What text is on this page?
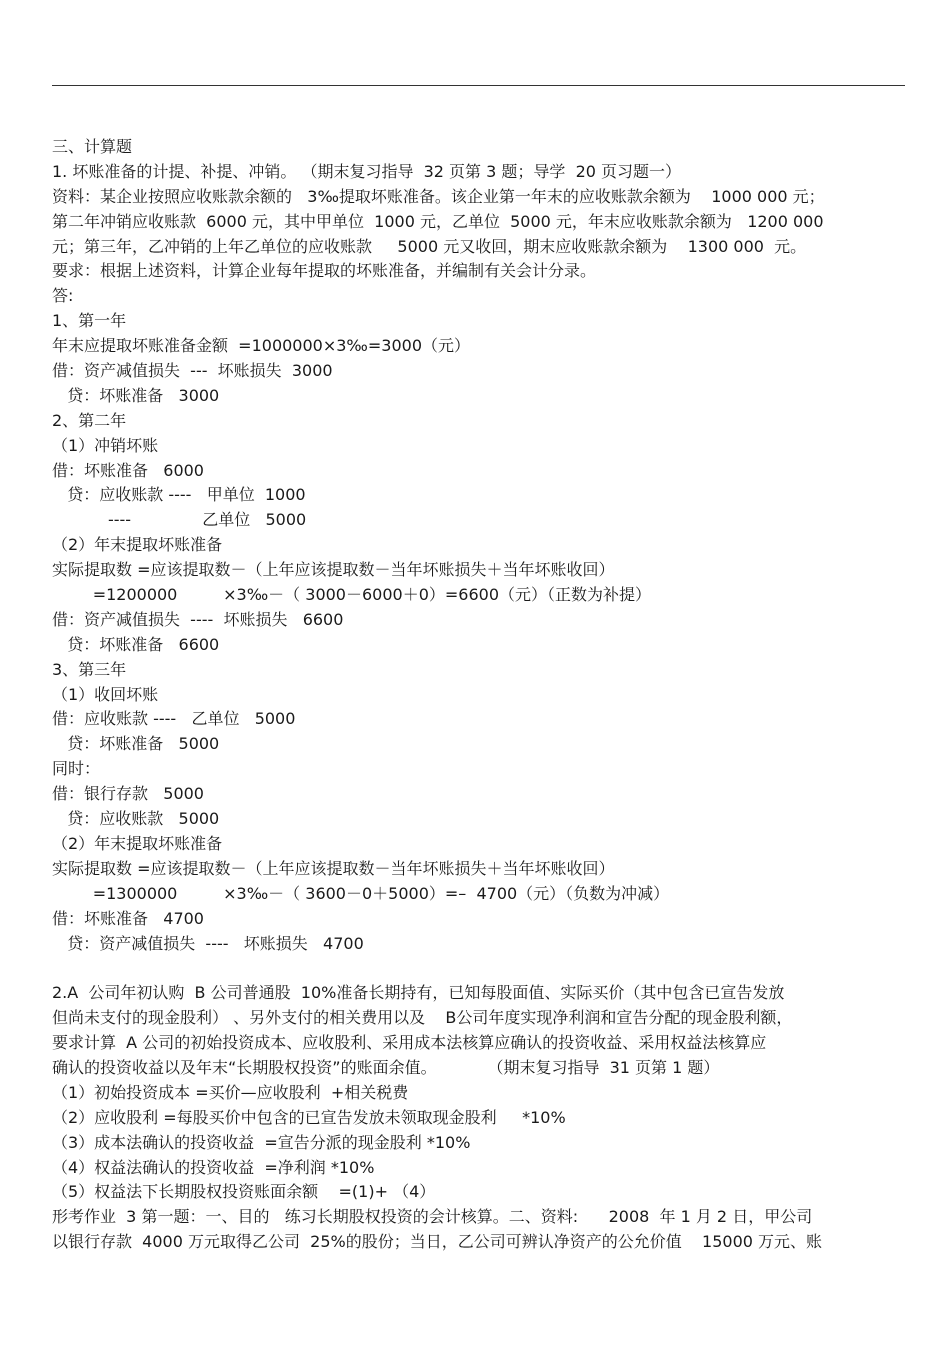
三、计算题
1. 坏账准备的计提、补提、冲销。 （期末复习指导  32 页第 3 题；导学  20 页习题一）
资料：某企业按照应收账款余额的   3‰提取坏账准备。该企业第一年末的应收账款余额为    1000 000 元；
第二年冲销应收账款  6000 元，其中甲单位  1000 元，乙单位  5000 元，年末应收账款余额为   1200 000
元；第三年，乙冲销的上年乙单位的应收账款     5000 元又收回，期末应收账款余额为    1300 000  元。
要求：根据上述资料，计算企业每年提取的坏账准备，并编制有关会计分录。
答:
1、第一年
年末应提取坏账准备金额  =1000000×3‰=3000（元）
借：资产减值损失  ---  坏账损失  3000
贷：坏账准备   3000
2、第二年
（1）冲销坏账
借：坏账准备   6000
贷：应收账款 ----   甲单位  1000
----              乙单位   5000
（2）年末提取坏账准备
实际提取数 =应该提取数－（上年应该提取数－当年坏账损失＋当年坏账收回）
=1200000         ×3‰－（ 3000－6000＋0）=6600（元）（正数为补提）
借：资产减值损失  ----  坏账损失   6600
贷：坏账准备   6600
3、第三年
（1）收回坏账
借：应收账款 ----   乙单位   5000
贷：坏账准备   5000
同时：
借：银行存款   5000
贷：应收账款   5000
（2）年末提取坏账准备
实际提取数 =应该提取数－（上年应该提取数－当年坏账损失＋当年坏账收回）
=1300000         ×3‰－（ 3600－0＋5000）=–  4700（元）（负数为冲减）
借：坏账准备   4700
贷：资产减值损失  ----   坏账损失   4700
2.A  公司年初认购  B 公司普通股  10%准备长期持有，已知每股面值、实际买价（其中包含已宣告发放
但尚未支付的现金股利） 、另外支付的相关费用以及    B公司年度实现净利润和宣告分配的现金股利额，
要求计算  A 公司的初始投资成本、应收股利、采用成本法核算应确认的投资收益、采用权益法核算应
确认的投资收益以及年末“长期股权投资”的账面余值。          （期末复习指导  31 页第 1 题）
（1）初始投资成本 =买价—应收股利  +相关税费
（2）应收股利 =每股买价中包含的已宣告发放未领取现金股利     *10%
（3）成本法确认的投资收益  =宣告分派的现金股利 *10%
（4）权益法确认的投资收益  =净利润 *10%
（5）权益法下长期股权投资账面余额    =(1)+ （4）
形考作业  3 第一题：一、目的   练习长期股权投资的会计核算。二、资料:      2008  年 1 月 2 日，甲公司
以银行存款  4000 万元取得乙公司  25%的股份；当日，乙公司可辨认净资产的公允价值    15000 万元、账
